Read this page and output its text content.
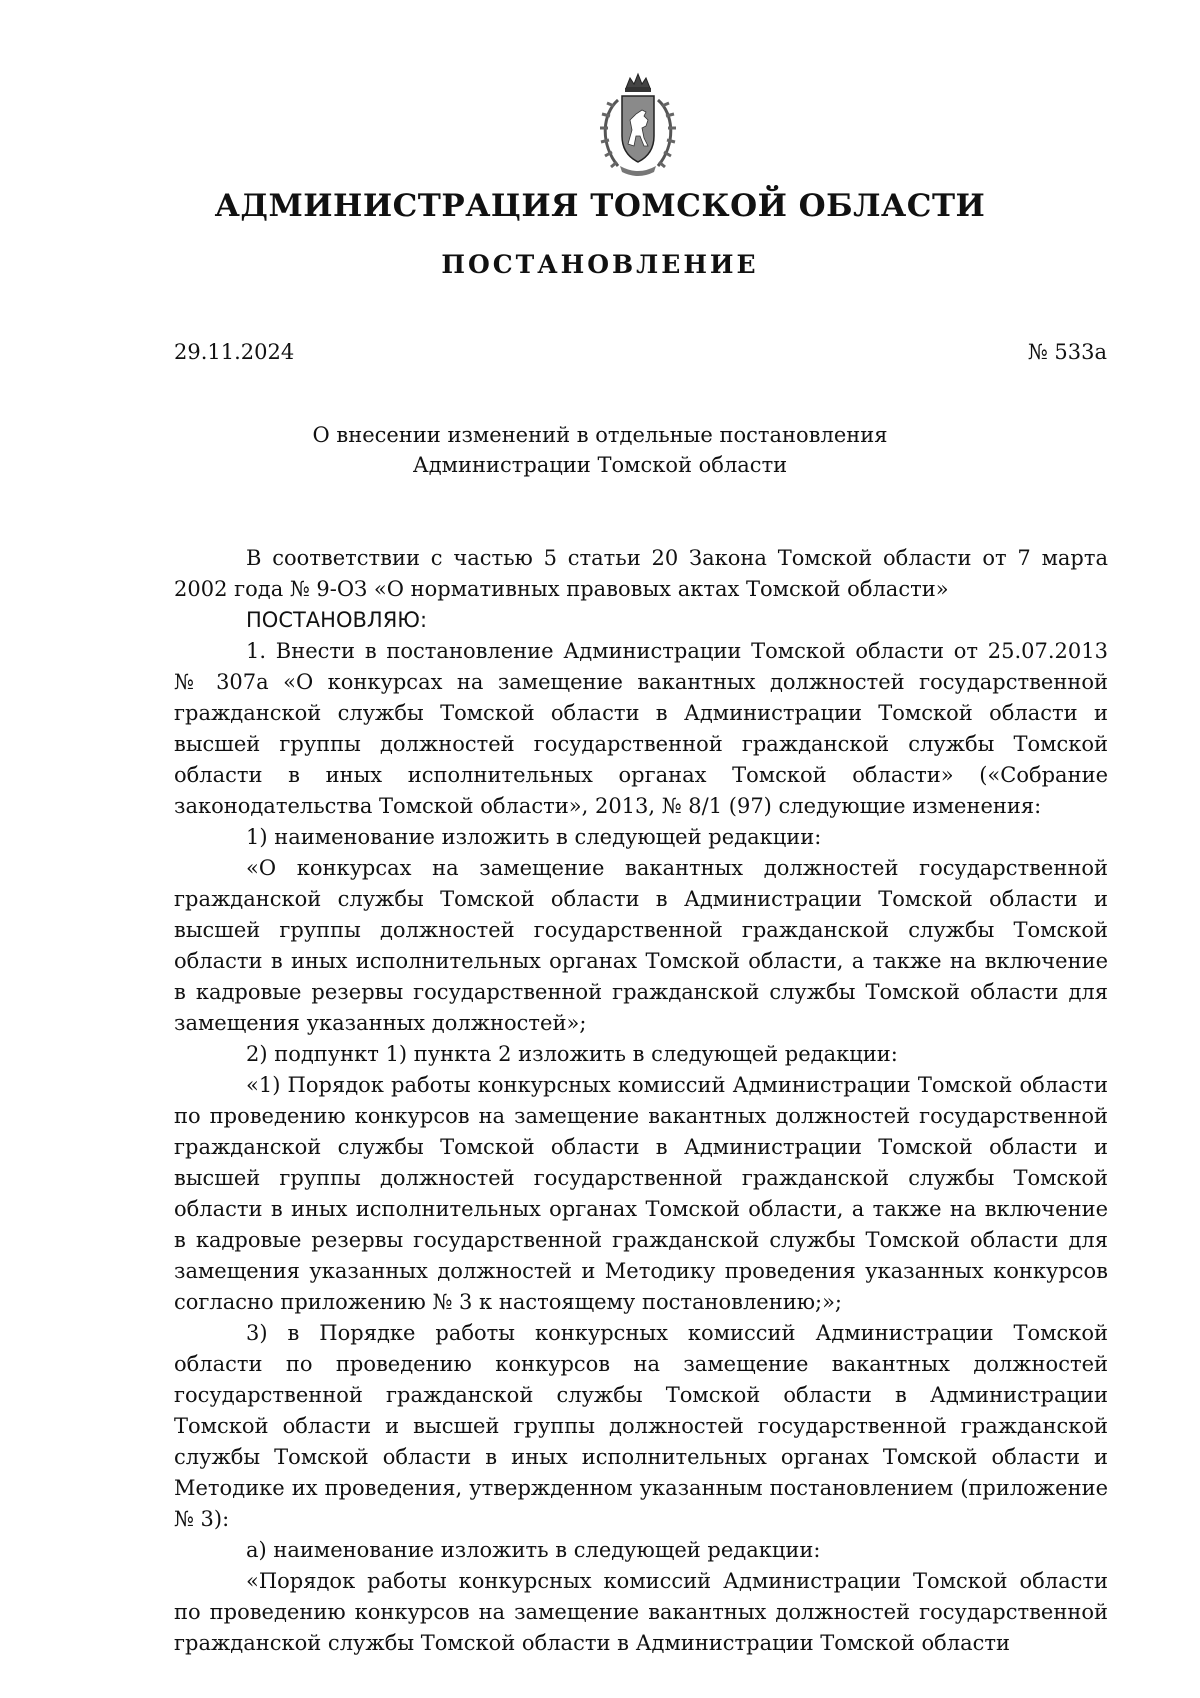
АДМИНИСТРАЦИЯ ТОМСКОЙ ОБЛАСТИ
ПОСТАНОВЛЕНИЕ
29.11.2024	№ 533а
О внесении изменений в отдельные постановления
Администрации Томской области

В соответствии с частью 5 статьи 20 Закона Томской области от 7 марта 2002 года № 9-ОЗ «О нормативных правовых актах Томской области»

ПОСТАНОВЛЯЮ:

1. Внести в постановление Администрации Томской области от 25.07.2013 № 307а «О конкурсах на замещение вакантных должностей государственной гражданской службы Томской области в Администрации Томской области и высшей группы должностей государственной гражданской службы Томской области в иных исполнительных органах Томской области» («Собрание законодательства Томской области», 2013, № 8/1 (97) следующие изменения:

1) наименование изложить в следующей редакции:

«О конкурсах на замещение вакантных должностей государственной гражданской службы Томской области в Администрации Томской области и высшей группы должностей государственной гражданской службы Томской области в иных исполнительных органах Томской области, а также на включение в кадровые резервы государственной гражданской службы Томской области для замещения указанных должностей»;

2) подпункт 1) пункта 2 изложить в следующей редакции:

«1) Порядок работы конкурсных комиссий Администрации Томской области по проведению конкурсов на замещение вакантных должностей государственной гражданской службы Томской области в Администрации Томской области и высшей группы должностей государственной гражданской службы Томской области в иных исполнительных органах Томской области, а также на включение в кадровые резервы государственной гражданской службы Томской области для замещения указанных должностей и Методику проведения указанных конкурсов согласно приложению № 3 к настоящему постановлению;»;

3) в Порядке работы конкурсных комиссий Администрации Томской области по проведению конкурсов на замещение вакантных должностей государственной гражданской службы Томской области в Администрации Томской области и высшей группы должностей государственной гражданской службы Томской области в иных исполнительных органах Томской области и Методике их проведения, утвержденном указанным постановлением (приложение № 3):

а) наименование изложить в следующей редакции:

«Порядок работы конкурсных комиссий Администрации Томской области по проведению конкурсов на замещение вакантных должностей государственной гражданской службы Томской области в Администрации Томской области
